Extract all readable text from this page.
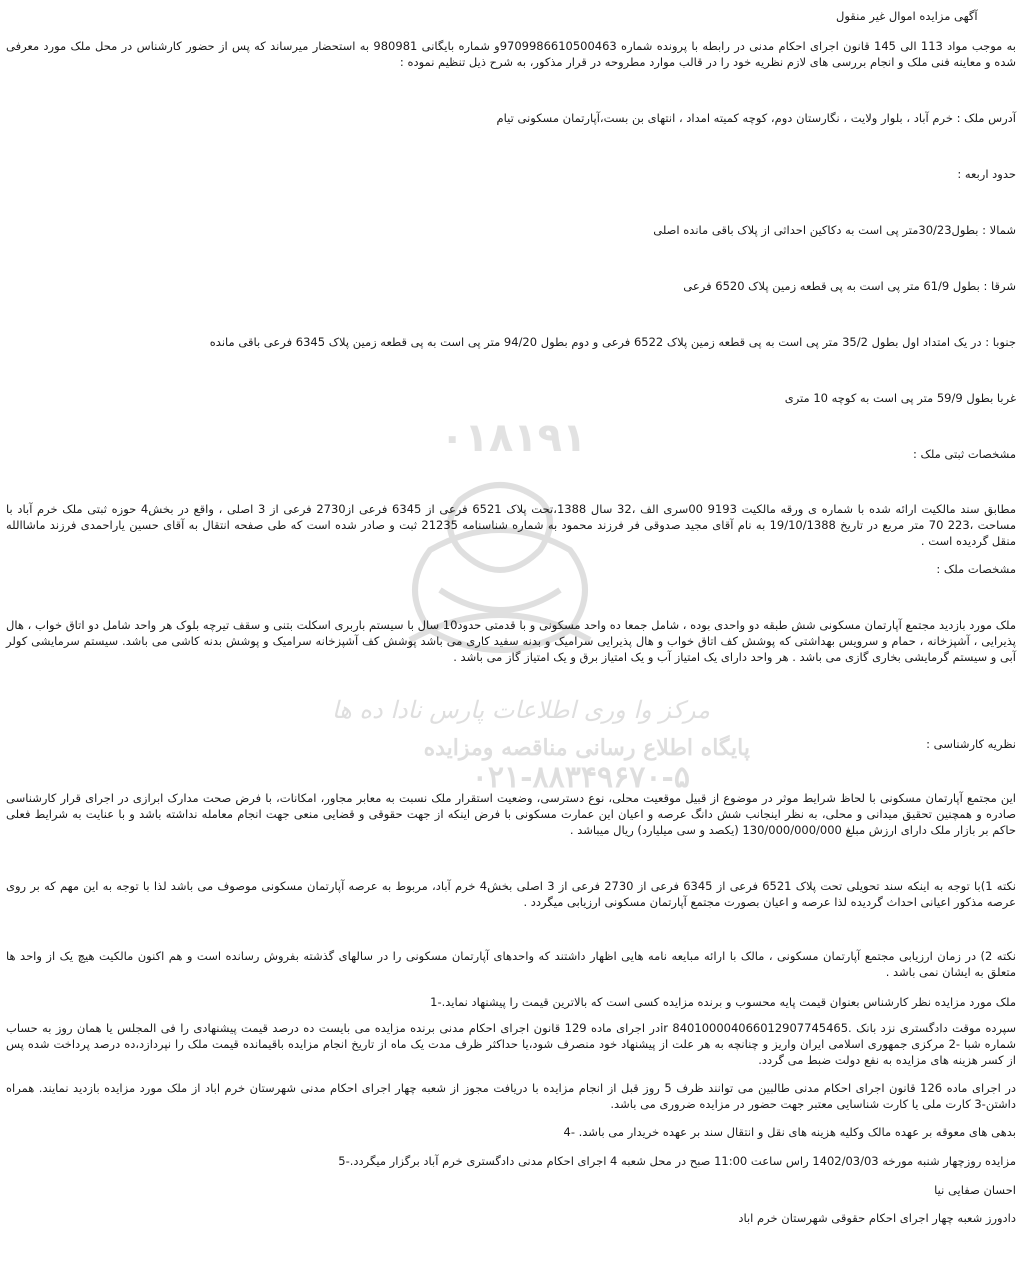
۰۱۸۱۹۱
مرکز وا وری اطلاعات پارس نادا ده ها
پایگاه اطلاع رسانی مناقصه ومزایده
۰۲۱-۸۸۳۴۹۶۷۰-۵
آگهی مزایده اموال غیر منقول

به موجب مواد 113 الی 145 قانون اجرای احکام مدنی در رابطه با پرونده شماره 9709986610500463و شماره بایگانی 980981 به استحضار میرساند که پس از حضور کارشناس در محل ملک مورد معرفی شده و معاینه فنی ملک و انجام بررسی های لازم نظریه خود را در قالب موارد مطروحه در قرار مذکور، به شرح ذیل تنظیم نموده :

آدرس ملک : خرم آباد ، بلوار ولایت ، نگارستان دوم، کوچه کمیته امداد ، انتهای بن بست،آپارتمان مسکونی تیام

حدود اربعه :

شمالا : بطول30/23متر پی است به دکاکین احداثی از پلاک باقی مانده اصلی

شرقا : بطول 61/9 متر پی است به پی قطعه زمین پلاک 6520 فرعی

جنوبا : در یک امتداد اول بطول 35/2 متر پی است به پی قطعه زمین پلاک 6522 فرعی و دوم بطول 94/20 متر پی است به پی قطعه زمین پلاک 6345 فرعی باقی مانده

غربا بطول 59/9 متر پی است به کوچه 10 متری

مشخصات ثبتی ملک :

مطابق سند مالکیت ارائه شده با شماره ی ورقه مالکیت 9193 00سری الف ،32 سال 1388،تحت پلاک 6521 فرعی از 6345 فرعی از2730 فرعی از 3 اصلی ، واقع در بخش4 حوزه ثبتی ملک خرم آباد با مساحت ،223 70 متر مربع در تاریخ 19/10/1388 به نام آقای مجید صدوقی فر فرزند محمود به شماره شناسنامه 21235 ثبت و صادر شده است که طی صفحه انتقال به آقای حسین یاراحمدی فرزند ماشاالله منقل گردیده است .

مشخصات ملک :

ملک مورد بازدید مجتمع آپارتمان مسکونی شش طبقه دو واحدی بوده ، شامل جمعا ده واحد مسکونی و با قدمتی حدود10 سال با سیستم باربری اسکلت بتنی و سقف تیرچه بلوک هر واحد شامل دو اتاق خواب ، هال پذیرایی ، آشپزخانه ، حمام و سرویس بهداشتی که پوشش کف اتاق خواب و هال پذیرایی سرامیک و بدنه سفید کاری می باشد پوشش کف آشپزخانه سرامیک و پوشش بدنه کاشی می باشد. سیستم سرمایشی کولر آبی و سیستم گرمایشی بخاری گازی می باشد . هر واحد دارای یک امتیاز آب و یک امتیاز برق و یک امتیاز گاز می باشد .

نظریه کارشناسی :

این مجتمع آپارتمان مسکونی با لحاظ شرایط موثر در موضوع از قبیل موقعیت محلی، نوع دسترسی، وضعیت استقرار ملک نسبت به معابر مجاور، امکانات، با فرض صحت مدارک ابرازی در اجرای قرار کارشناسی صادره و همچنین تحقیق میدانی و محلی، به نظر اینجانب شش دانگ عرصه و اعیان این عمارت مسکونی با فرض اینکه از جهت حقوقی و قضایی منعی جهت انجام معامله نداشته باشد و با عنایت به شرایط فعلی حاکم بر بازار ملک دارای ارزش مبلغ 130/000/000/000 (یکصد و سی میلیارد) ریال میباشد .

نکته 1)با توجه به اینکه سند تحویلی تحت پلاک 6521 فرعی از 6345 فرعی از 2730 فرعی از 3 اصلی بخش4 خرم آباد، مربوط به عرصه آپارتمان مسکونی موصوف می باشد لذا با توجه به این مهم که بر روی عرصه مذکور اعیانی احداث گردیده لذا عرصه و اعیان بصورت مجتمع آپارتمان مسکونی ارزیابی میگردد .

نکته 2) در زمان ارزیابی مجتمع آپارتمان مسکونی ، مالک با ارائه مبایعه نامه هایی اظهار داشتند که واحدهای آپارتمان مسکونی را در سالهای گذشته بفروش رسانده است و هم اکنون مالکیت هیچ یک از واحد ها متعلق به ایشان نمی باشد .

ملک مورد مزایده نظر کارشناس بعنوان قیمت پایه محسوب و برنده مزایده کسی است که بالاترین قیمت را پیشنهاد نماید.-1

سپرده موقت دادگستری نزد بانک .ir 840100004066012907745465در اجرای ماده 129 قانون اجرای احکام مدنی برنده مزایده می بایست ده درصد قیمت پیشنهادی را فی المجلس یا همان روز به حساب شماره شبا -2 مرکزی جمهوری اسلامی ایران واریز و چنانچه به هر علت از پیشنهاد خود منصرف شود،یا حداکثر ظرف مدت یک ماه از تاریخ انجام مزایده باقیمانده قیمت ملک را نپردازد،ده درصد پرداخت شده پس از کسر هزینه های مزایده به نفع دولت ضبط می گردد.

در اجرای ماده 126 قانون اجرای احکام مدنی طالبین می توانند ظرف 5 روز قبل از انجام مزایده با دریافت مجوز از شعبه چهار اجرای احکام مدنی شهرستان خرم اباد از ملک مورد مزایده بازدید نمایند. همراه داشتن-3 کارت ملی یا کارت شناسایی معتبر جهت حضور در مزایده ضروری می باشد.

بدهی های معوقه بر عهده مالک وکلیه هزینه های نقل و انتقال سند بر عهده خریدار می باشد. -4

مزایده روزچهار شنبه مورخه 1402/03/03 راس ساعت 11:00 صبح در محل شعبه 4 اجرای احکام مدنی دادگستری خرم آباد برگزار میگردد.-5

احسان صفایی نیا

دادورز شعبه چهار اجرای احکام حقوقی شهرستان خرم اباد
